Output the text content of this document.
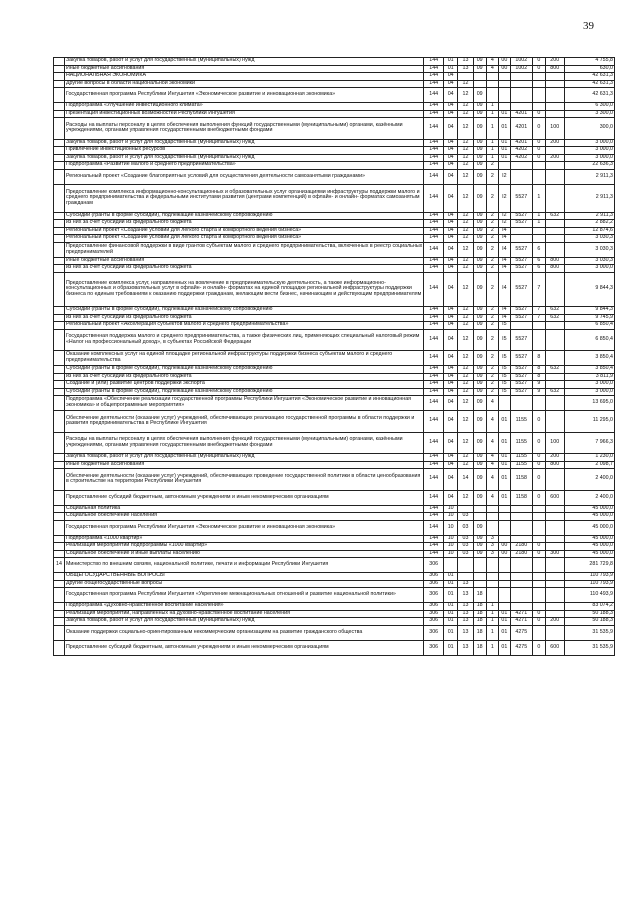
39
	Закупка товаров, работ и услуг для государственных (муниципальных) нужд	144	01	13	09	4	00	1002	0	200	4 755,8
	Иные бюджетные ассигнования	144	01	13	09	4	00	1002	0	800	630,0
	НАЦИОНАЛЬНАЯ ЭКОНОМИКА	144	04								42 631,3
	Другие вопросы в области национальной экономики	144	04	12							42 631,3
	Государственная программа Республики Ингушетия «Экономическое развитие и инновационная экономика»	144	04	12	09						42 631,3
	Подпрограмма «Улучшение инвестиционного климата»	144	04	12	09	1					6 300,0
	Презентация инвестиционных возможностей Республики Ингушетия	144	04	12	09	1	01	4201	0		3 300,0
	Расходы на выплаты персоналу в целях обеспечения выполнения функций государственными (муниципальными) органами, казёнными учреждениями, органами управления государственными внебюджетными фондами	144	04	12	09	1	01	4201	0	100	300,0
	Закупка товаров, работ и услуг для государственных (муниципальных) нужд	144	04	12	09	1	01	4201	0	200	3 000,0
	Привлечение инвестиционных ресурсов	144	04	12	09	1	01	4202	0		3 000,0
	Закупка товаров, работ и услуг для государственных (муниципальных) нужд	144	04	12	09	1	01	4202	0	200	3 000,0
	Подпрограмма «Развитие малого и среднего предпринимательства»	144	04	12	09	2					22 636,3
	Региональный проект «Создание благоприятных условий для осуществления деятельности самозанятыми гражданами»	144	04	12	09	2	I2				2 911,3
	Предоставление комплекса информационно-консультационных и образовательных услуг организациями инфраструктуры поддержки малого и среднего предпринимательства и федеральными институтами развития (центрами компетенций) в офлайн- и онлайн- форматах самозанятым гражданам	144	04	12	09	2	I2	5527	1		2 911,3
	Субсидии (гранты в форме субсидий), подлежащие казначейскому сопровождению	144	04	12	09	2	I2	5527	1	632	2 911,3
	из них за счет субсидии из федерального бюджета	144	04	12	09	2	I2	5527	1		2 882,2
	Региональный проект «Создание условий для легкого старта и комфортного ведения бизнеса»	144	04	12	09	2	I4				12 874,6
	Региональный проект «Создание условий для легкого старта и комфортного ведения бизнеса»	144	04	12	09	2	I4				3 030,3
	Предоставление финансовой поддержки в виде грантов субъектам малого и среднего предпринимательства, включенных в реестр социальных предпринимателей	144	04	12	09	2	I4	5527	6		3 030,3
	Иные бюджетные ассигнования	144	04	12	09	2	I4	5527	6	800	3 030,3
	из них за счет субсидии из федерального бюджета	144	04	12	09	2	I4	5527	6	800	3 000,0
	Предоставление комплекса услуг, направленных на вовлечение в предпринимательскую деятельность, а также информационно-консультационных и образовательных услуг в офлайн- и онлайн- форматах на единой площадке региональной инфраструктуры поддержки бизнеса по единым требованиям к оказанию поддержки гражданам, желающим вести бизнес, начинающим и действующим предпринимателям	144	04	12	09	2	I4	5527	7		9 844,3
	Субсидии (гранты в форме субсидий), подлежащие казначейскому сопровождению	144	04	12	09	2	I4	5527	7	632	9 844,3
	из них за счет субсидии из федерального бюджета	144	04	12	09	2	I4	5527	7	632	9 745,9
	Региональный проект «Акселерация субъектов малого и среднего предпринимательства»	144	04	12	09	2	I5				6 850,4
	Государственная поддержка малого и среднего предпринимательства, а также физических лиц, применяющих специальный налоговый режим «Налог на профессиональный доход», в субъектах Российской Федерации	144	04	12	09	2	I5	5527			6 850,4
	Оказание комплексных услуг на единой площадке региональной инфраструктуры поддержки бизнеса субъектам малого и среднего предпринимательства	144	04	12	09	2	I5	5527	8		3 850,4
	Субсидии (гранты в форме субсидий), подлежащие казначейскому сопровождению	144	04	12	09	2	I5	5527	8	632	3 850,4
	из них за счет субсидии из федерального бюджета	144	04	12	09	2	I5	5527	8		3 811,9
	Создание и (или) развитие центров поддержки экспорта	144	04	12	09	2	I5	5527	9		3 000,0
	Субсидии (гранты в форме субсидий), подлежащие казначейскому сопровождению	144	04	12	09	2	I5	5527	9	632	3 000,0
	Подпрограмма «Обеспечение реализации государственной программы Республики Ингушетия «Экономическое развитие и инновационная экономика» и общепрограммные мероприятия»	144	04	12	09	4					13 695,0
	Обеспечение деятельности (оказание услуг) учреждений, обеспечивающих реализацию государственной программы в области поддержки и развития предпринимательства в Республике Ингушетия	144	04	12	09	4	01	1155	0		11 295,0
	Расходы на выплаты персоналу в целях обеспечения выполнения функций государственными (муниципальными) органами, казёнными учреждениями, органами управления государственными внебюджетными фондами	144	04	12	09	4	01	1155	0	100	7 966,3
	Закупка товаров, работ и услуг для государственных (муниципальных) нужд	144	04	12	09	4	01	1155	0	200	1 230,0
	Иные бюджетные ассигнования	144	04	12	09	4	01	1155	0	800	2 098,7
	Обеспечение деятельности (оказание услуг) учреждений, обеспечивающих проведение государственной политики в области ценообразования в строительстве на территории Республики Ингушетия	144	04	14	09	4	01	1158	0		2 400,0
	Предоставление субсидий бюджетным, автономным учреждениям и иным некоммерческим организациям	144	04	12	09	4	01	1158	0	600	2 400,0
	Социальная политика	144	10								45 000,0
	Социальное обеспечение населения	144	10	03							45 000,0
	Государственная программа Республики Ингушетия «Экономическое развитие и инновационная экономика»	144	10	03	09						45 000,0
	Подпрограмма «1000 квартир»	144	10	03	09	3					45 000,0
	Реализация мероприятий подпрограммы «1000 квартир»	144	10	03	09	3	00	2180	0		45 000,0
	Социальное обеспечение и иные выплаты населению	144	10	03	09	3	00	2180	0	300	45 000,0
14	Министерство по внешним связям, национальной политике, печати и информации Республики Ингушетия	306									281 729,8
	ОБЩЕГОСУДАРСТВЕННЫЕ ВОПРОСЫ	306	01								110 793,9
	Другие общегосударственные вопросы	306	01	13							110 793,9
	Государственная программа Республики Ингушетия «Укрепление межнациональных отношений и развитие национальной политики»	306	01	13	18						110 493,9
	Подпрограмма «Духовно-нравственное воспитание населения»	306	01	13	18	1					83 074,2
	Реализация мероприятий, направленных на духовно-нравственное воспитание населения	306	01	13	18	1	01	4271	0		50 188,3
	Закупка товаров, работ и услуг для государственных (муниципальных) нужд	306	01	13	18	1	01	4271	0	200	50 188,3
	Оказание поддержки социально-ориентированным некоммерческим организациям на развитие гражданского общества	306	01	13	18	1	01	4275			31 535,9
	Предоставление субсидий бюджетным, автономным учреждениям и иным некоммерческим организациям	306	01	13	18	1	01	4275	0	600	31 535,9
